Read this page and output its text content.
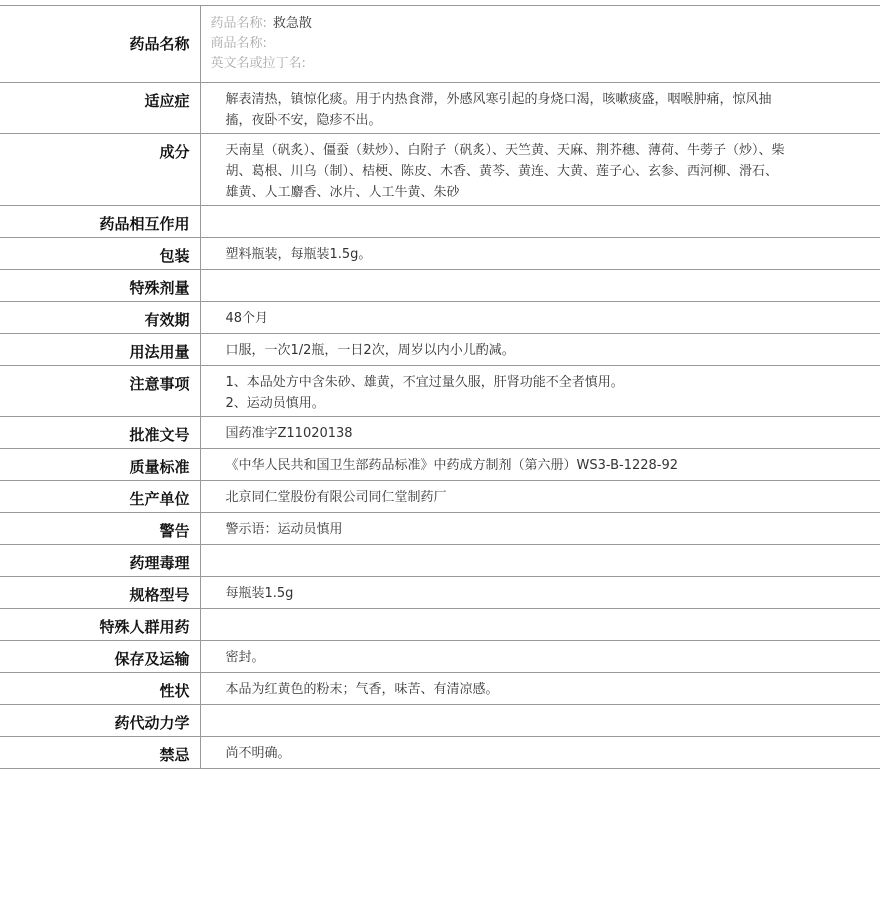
药品名称	药品名称: 救急散
商品名称:
英文名或拉丁名:

适应症	解表清热，镇惊化痰。用于内热食滞，外感风寒引起的身烧口渴，咳嗽痰盛，咽喉肿痛，惊风抽搐，夜卧不安，隐疹不出。
成分	天南星（矾炙）、僵蚕（麸炒）、白附子（矾炙）、天竺黄、天麻、荆芥穗、薄荷、牛蒡子（炒）、柴胡、葛根、川乌（制）、桔梗、陈皮、木香、黄芩、黄连、大黄、莲子心、玄参、西河柳、滑石、雄黄、人工麝香、冰片、人工牛黄、朱砂
药品相互作用	
包装	塑料瓶装，每瓶装1.5g。
特殊剂量	
有效期	48个月
用法用量	口服，一次1/2瓶，一日2次，周岁以内小儿酌减。
注意事项	1、本品处方中含朱砂、雄黄，不宜过量久服，肝肾功能不全者慎用。
2、运动员慎用。

批准文号	国药准字Z11020138
质量标准	《中华人民共和国卫生部药品标准》中药成方制剂（第六册）WS3-B-1228-92
生产单位	北京同仁堂股份有限公司同仁堂制药厂
警告	警示语：运动员慎用
药理毒理	
规格型号	每瓶装1.5g
特殊人群用药	
保存及运输	密封。
性状	本品为红黄色的粉末；气香，味苦、有清凉感。
药代动力学	
禁忌	尚不明确。
